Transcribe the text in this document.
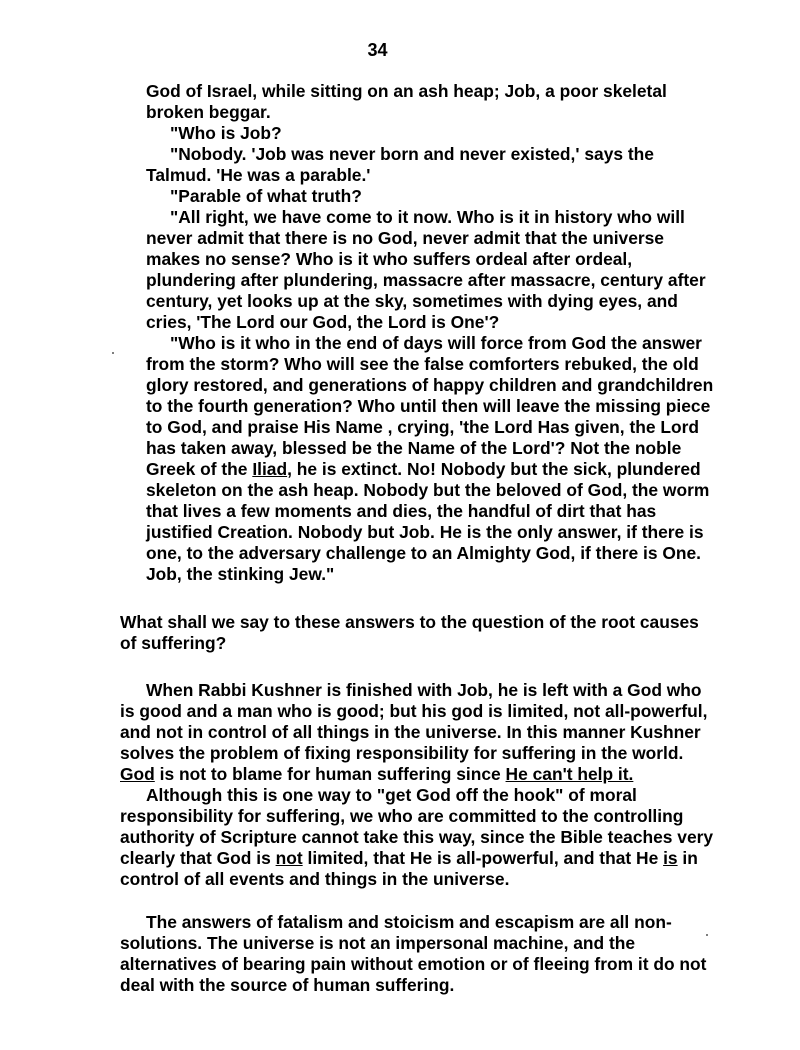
34
God of Israel, while sitting on an ash heap; Job, a poor skeletal
broken beggar.
"Who is Job?
"Nobody. 'Job was never born and never existed,' says the
Talmud. 'He was a parable.'
"Parable of what truth?
"All right, we have come to it now. Who is it in history who will
never admit that there is no God, never admit that the universe
makes no sense? Who is it who suffers ordeal after ordeal,
plundering after plundering, massacre after massacre, century after
century, yet looks up at the sky, sometimes with dying eyes, and
cries, 'The Lord our God, the Lord is One'?
"Who is it who in the end of days will force from God the answer
from the storm? Who will see the false comforters rebuked, the old
glory restored, and generations of happy children and grandchildren
to the fourth generation? Who until then will leave the missing piece
to God, and praise His Name , crying, 'the Lord Has given, the Lord
has taken away, blessed be the Name of the Lord'? Not the noble
Greek of the Iliad, he is extinct. No! Nobody but the sick, plundered
skeleton on the ash heap. Nobody but the beloved of God, the worm
that lives a few moments and dies, the handful of dirt that has
justified Creation. Nobody but Job. He is the only answer, if there is
one, to the adversary challenge to an Almighty God, if there is One.
Job, the stinking Jew."
What shall we say to these answers to the question of the root causes
of suffering?
When Rabbi Kushner is finished with Job, he is left with a God who
is good and a man who is good; but his god is limited, not all-powerful,
and not in control of all things in the universe. In this manner Kushner
solves the problem of fixing responsibility for suffering in the world.
God is not to blame for human suffering since He can't help it.
Although this is one way to "get God off the hook" of moral
responsibility for suffering, we who are committed to the controlling
authority of Scripture cannot take this way, since the Bible teaches very
clearly that God is not limited, that He is all-powerful, and that He is in
control of all events and things in the universe.
The answers of fatalism and stoicism and escapism are all non-
solutions. The universe is not an impersonal machine, and the
alternatives of bearing pain without emotion or of fleeing from it do not
deal with the source of human suffering.
